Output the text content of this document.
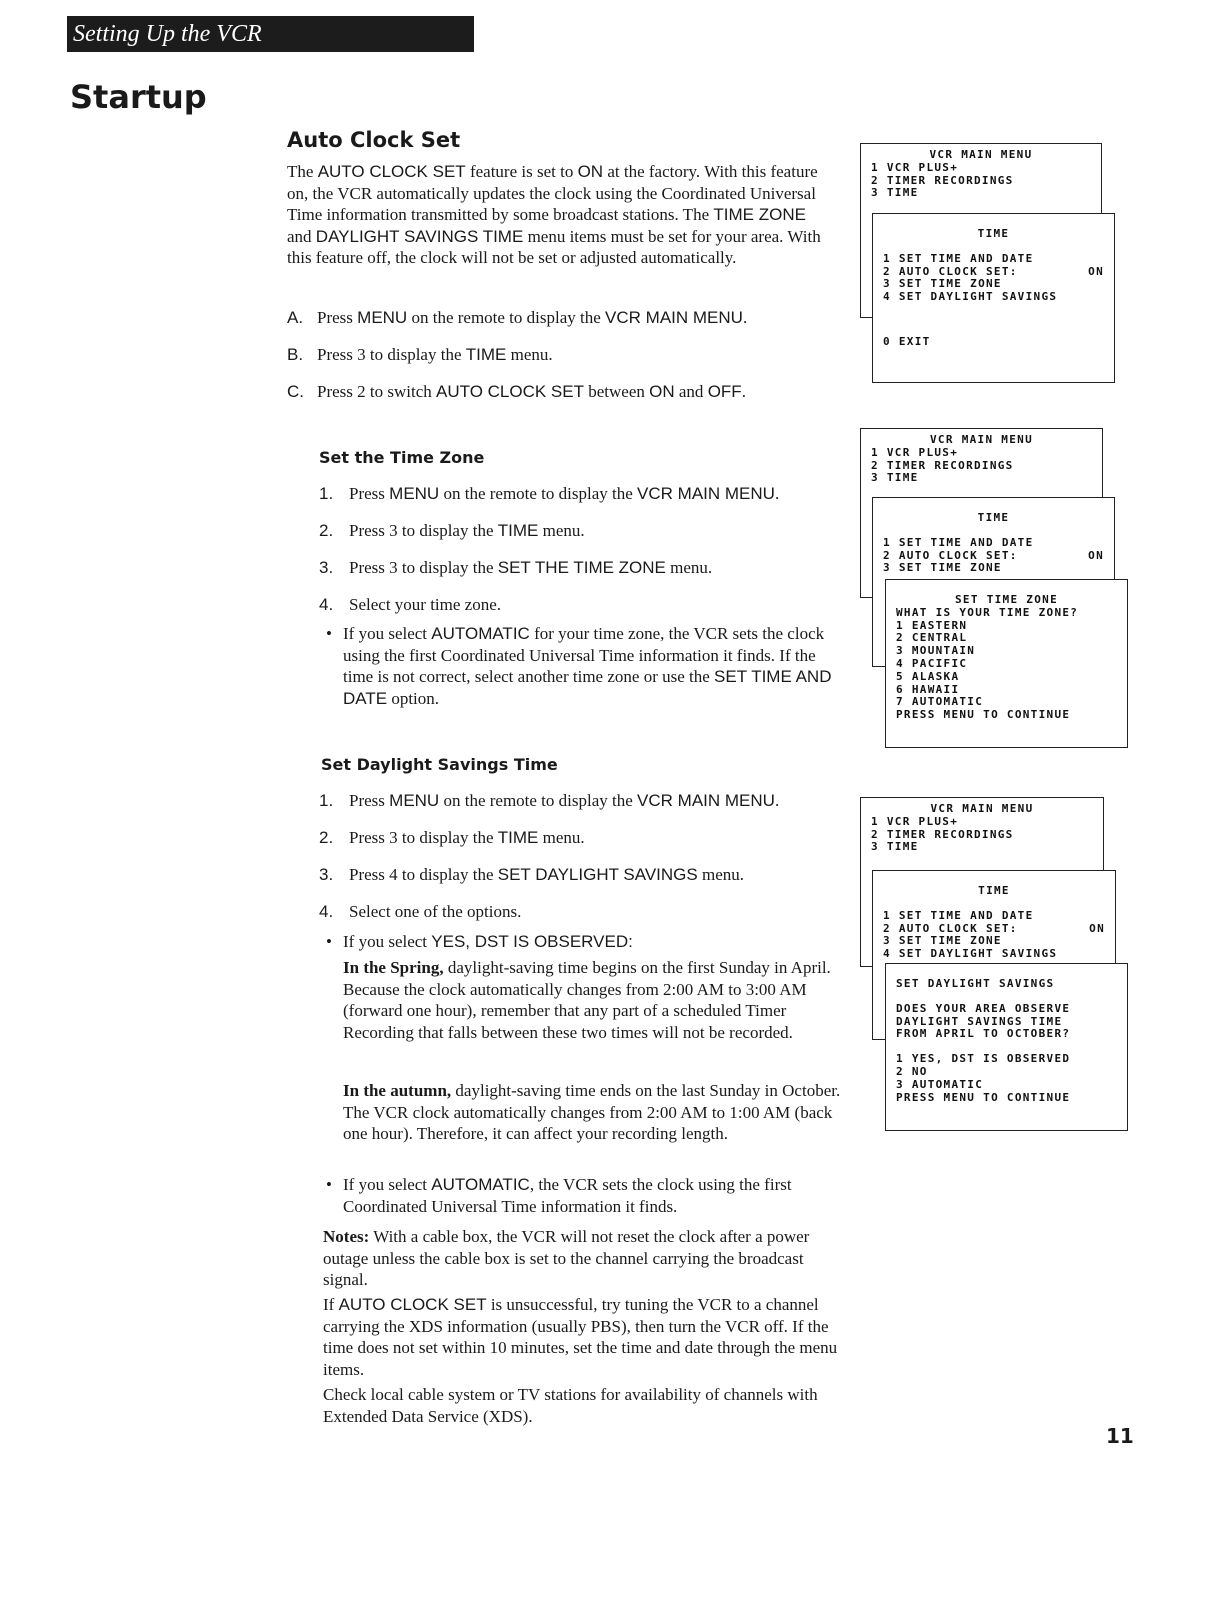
Setting Up the VCR
Startup
Auto Clock Set

The AUTO CLOCK SET feature is set to ON at the factory. With this feature on, the VCR automatically updates the clock using the Coordinated Universal Time information transmitted by some broadcast stations. The TIME ZONE and DAYLIGHT SAVINGS TIME menu items must be set for your area. With this feature off, the clock will not be set or adjusted automatically.

A. Press MENU on the remote to display the VCR MAIN MENU.
B. Press 3 to display the TIME menu.
C. Press 2 to switch AUTO CLOCK SET between ON and OFF.
Set the Time Zone
1. Press MENU on the remote to display the VCR MAIN MENU.
2. Press 3 to display the TIME menu.
3. Press 3 to display the SET THE TIME ZONE menu.
4. Select your time zone.
• If you select AUTOMATIC for your time zone, the VCR sets the clock using the first Coordinated Universal Time information it finds. If the time is not correct, select another time zone or use the SET TIME AND DATE option.
Set Daylight Savings Time
1. Press MENU on the remote to display the VCR MAIN MENU.
2. Press 3 to display the TIME menu.
3. Press 4 to display the SET DAYLIGHT SAVINGS menu.
4. Select one of the options.
• If you select YES, DST IS OBSERVED:

In the Spring, daylight-saving time begins on the first Sunday in April. Because the clock automatically changes from 2:00 AM to 3:00 AM (forward one hour), remember that any part of a scheduled Timer Recording that falls between these two times will not be recorded.

In the autumn, daylight-saving time ends on the last Sunday in October. The VCR clock automatically changes from 2:00 AM to 1:00 AM (back one hour). Therefore, it can affect your recording length.

• If you select AUTOMATIC, the VCR sets the clock using the first Coordinated Universal Time information it finds.

Notes: With a cable box, the VCR will not reset the clock after a power outage unless the cable box is set to the channel carrying the broadcast signal.

If AUTO CLOCK SET is unsuccessful, try tuning the VCR to a channel carrying the XDS information (usually PBS), then turn the VCR off. If the time does not set within 10 minutes, set the time and date through the menu items.

Check local cable system or TV stations for availability of channels with Extended Data Service (XDS).

11
VCR MAIN MENU
1 VCR PLUS+
2 TIMER RECORDINGS
3 TIME
TIME
1 SET TIME AND DATE
2 AUTO CLOCK SET:	ON
3 SET TIME ZONE
4 SET DAYLIGHT SAVINGS
0 EXIT
VCR MAIN MENU
1 VCR PLUS+
2 TIMER RECORDINGS
3 TIME
TIME
1 SET TIME AND DATE
2 AUTO CLOCK SET:	ON
3 SET TIME ZONE
SET TIME ZONE
WHAT IS YOUR TIME ZONE?
1 EASTERN
2 CENTRAL
3 MOUNTAIN
4 PACIFIC
5 ALASKA
6 HAWAII
7 AUTOMATIC
PRESS MENU TO CONTINUE
VCR MAIN MENU
1 VCR PLUS+
2 TIMER RECORDINGS
3 TIME
TIME
1 SET TIME AND DATE
2 AUTO CLOCK SET:	ON
3 SET TIME ZONE
4 SET DAYLIGHT SAVINGS
SET DAYLIGHT SAVINGS
DOES YOUR AREA OBSERVE
DAYLIGHT SAVINGS TIME
FROM APRIL TO OCTOBER?
1 YES, DST IS OBSERVED
2 NO
3 AUTOMATIC
PRESS MENU TO CONTINUE
